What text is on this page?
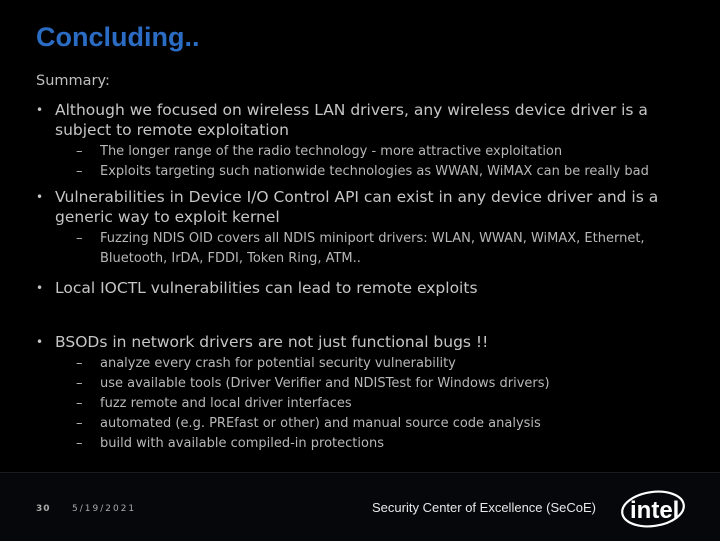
Concluding..
Summary:
• Although we focused on wireless LAN drivers, any wireless device driver is a subject to remote exploitation
– The longer range of the radio technology - more attractive exploitation
– Exploits targeting such nationwide technologies as WWAN, WiMAX can be really bad
• Vulnerabilities in Device I/O Control API can exist in any device driver and is a generic way to exploit kernel
– Fuzzing NDIS OID covers all NDIS miniport drivers: WLAN, WWAN, WiMAX, Ethernet, Bluetooth, IrDA, FDDI, Token Ring, ATM..
• Local IOCTL vulnerabilities can lead to remote exploits
• BSODs in network drivers are not just functional bugs !!
– analyze every crash for potential security vulnerability
– use available tools (Driver Verifier and NDISTest for Windows drivers)
– fuzz remote and local driver interfaces
– automated (e.g. PREfast or other) and manual source code analysis
– build with available compiled-in protections
30 5/19/2021	Security Center of Excellence (SeCoE) intel
